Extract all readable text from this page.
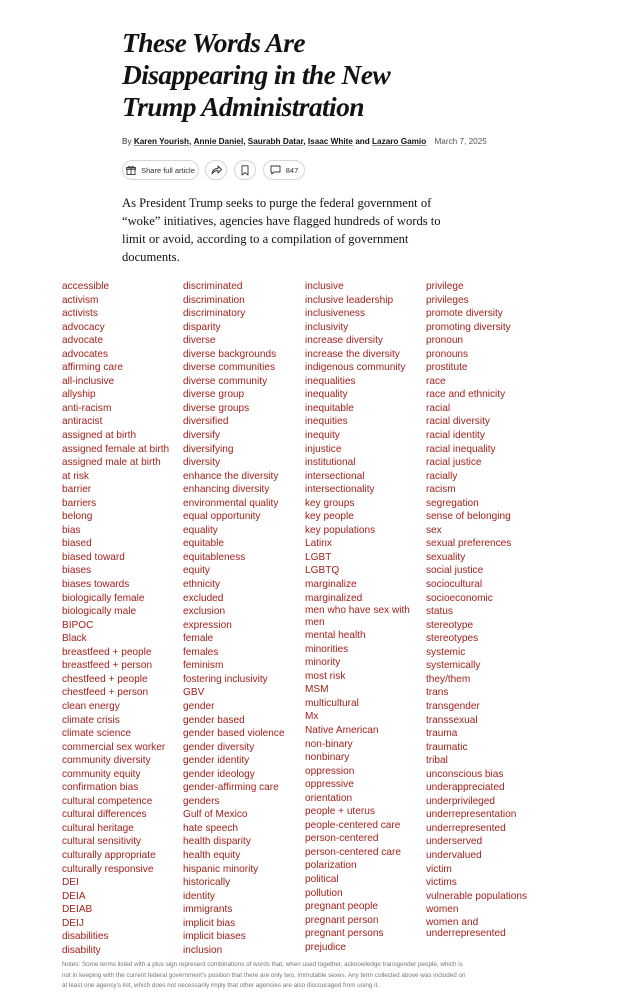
These Words Are
Disappearing in the New
Trump Administration
By Karen Yourish, Annie Daniel, Saurabh Datar, Isaac White and Lazaro Gamio March 7, 2025
Share full article	847

As President Trump seeks to purge the federal government of
“woke” initiatives, agencies have flagged hundreds of words to
limit or avoid, according to a compilation of government
documents.

accessible
activism
activists
advocacy
advocate
advocates
affirming care
all-inclusive
allyship
anti-racism
antiracist
assigned at birth
assigned female at birth
assigned male at birth
at risk
barrier
barriers
belong
bias
biased
biased toward
biases
biases towards
biologically female
biologically male
BIPOC
Black
breastfeed + people
breastfeed + person
chestfeed + people
chestfeed + person
clean energy
climate crisis
climate science
commercial sex worker
community diversity
community equity
confirmation bias
cultural competence
cultural differences
cultural heritage
cultural sensitivity
culturally appropriate
culturally responsive
DEI
DEIA
DEIAB
DEIJ
disabilities
disability
discriminated
discrimination
discriminatory
disparity
diverse
diverse backgrounds
diverse communities
diverse community
diverse group
diverse groups
diversified
diversify
diversifying
diversity
enhance the diversity
enhancing diversity
environmental quality
equal opportunity
equality
equitable
equitableness
equity
ethnicity
excluded
exclusion
expression
female
females
feminism
fostering inclusivity
GBV
gender
gender based
gender based violence
gender diversity
gender identity
gender ideology
gender-affirming care
genders
Gulf of Mexico
hate speech
health disparity
health equity
hispanic minority
historically
identity
immigrants
implicit bias
implicit biases
inclusion
inclusive
inclusive leadership
inclusiveness
inclusivity
increase diversity
increase the diversity
indigenous community
inequalities
inequality
inequitable
inequities
inequity
injustice
institutional
intersectional
intersectionality
key groups
key people
key populations
Latinx
LGBT
LGBTQ
marginalize
marginalized
men who have sex with men
mental health
minorities
minority
most risk
MSM
multicultural
Mx
Native American
non-binary
nonbinary
oppression
oppressive
orientation
people + uterus
people-centered care
person-centered
person-centered care
polarization
political
pollution
pregnant people
pregnant person
pregnant persons
prejudice
privilege
privileges
promote diversity
promoting diversity
pronoun
pronouns
prostitute
race
race and ethnicity
racial
racial diversity
racial identity
racial inequality
racial justice
racially
racism
segregation
sense of belonging
sex
sexual preferences
sexuality
social justice
sociocultural
socioeconomic
status
stereotype
stereotypes
systemic
systemically
they/them
trans
transgender
transsexual
trauma
traumatic
tribal
unconscious bias
underappreciated
underprivileged
underrepresentation
underrepresented
underserved
undervalued
victim
victims
vulnerable populations
women
women and underrepresented

Notes: Some terms listed with a plus sign represent combinations of words that, when used together, acknowledge transgender people, which is
not in keeping with the current federal government’s position that there are only two, immutable sexes. Any term collected above was included on
at least one agency’s list, which does not necessarily imply that other agencies are also discouraged from using it.
